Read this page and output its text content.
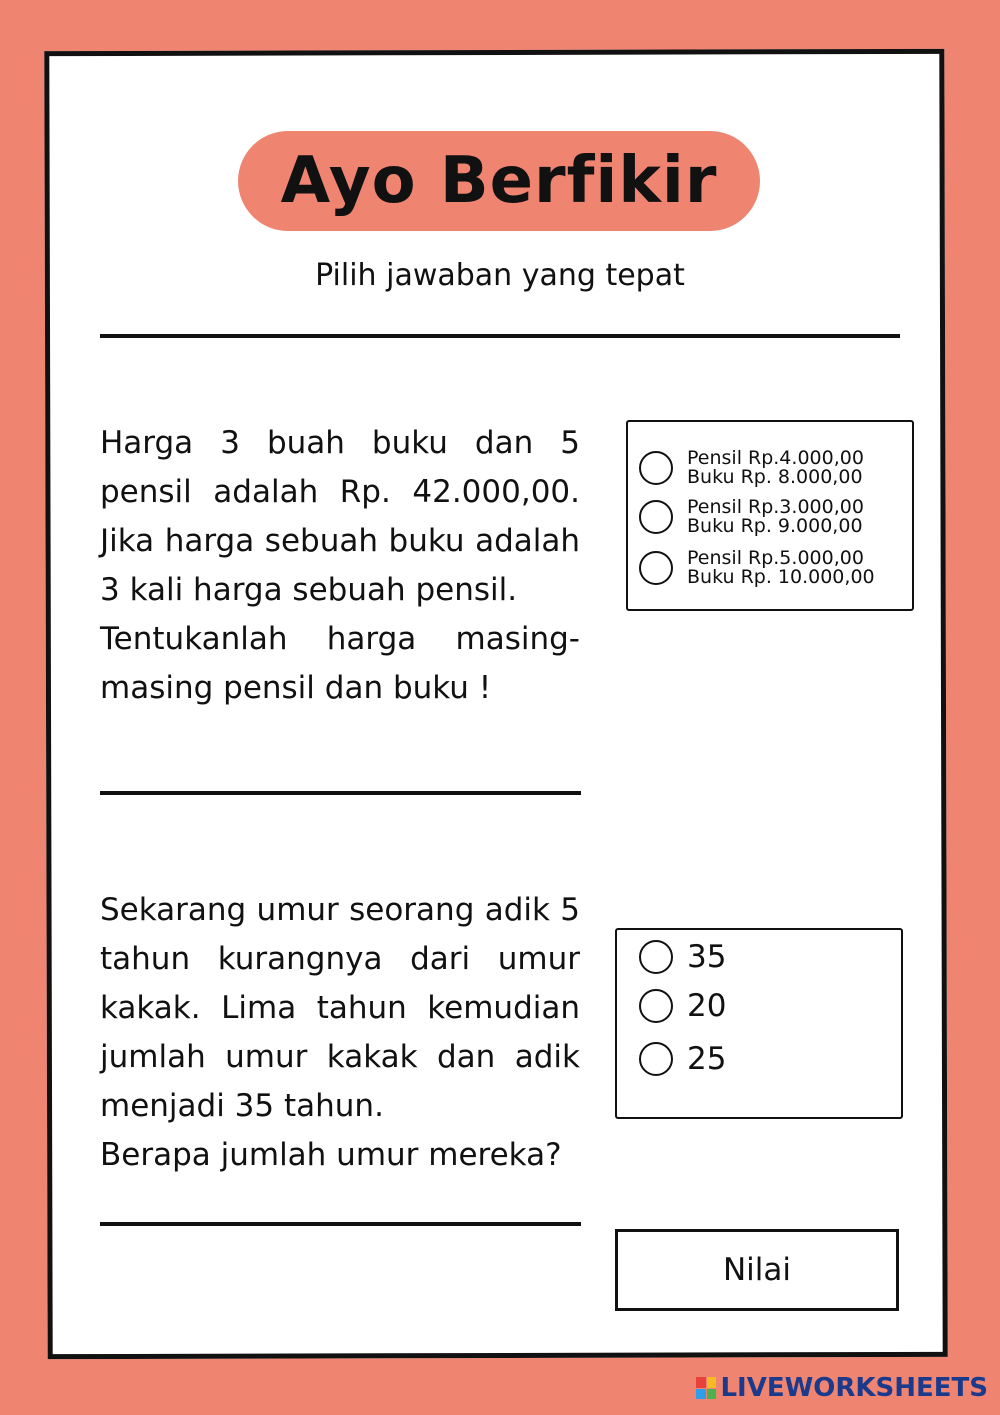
Ayo Berfikir
Pilih jawaban yang tepat

Harga 3 buah buku dan 5 pensil adalah Rp. 42.000,00. Jika harga sebuah buku adalah 3 kali harga sebuah pensil.

Tentukanlah harga masing-masing pensil dan buku !

Pensil Rp.4.000,00
Buku Rp. 8.000,00
Pensil Rp.3.000,00
Buku Rp. 9.000,00
Pensil Rp.5.000,00
Buku Rp. 10.000,00

Sekarang umur seorang adik 5 tahun kurangnya dari umur kakak. Lima tahun kemudian jumlah umur kakak dan adik menjadi 35 tahun.

Berapa jumlah umur mereka?

35
20
25
Nilai
LIVEWORKSHEETS
